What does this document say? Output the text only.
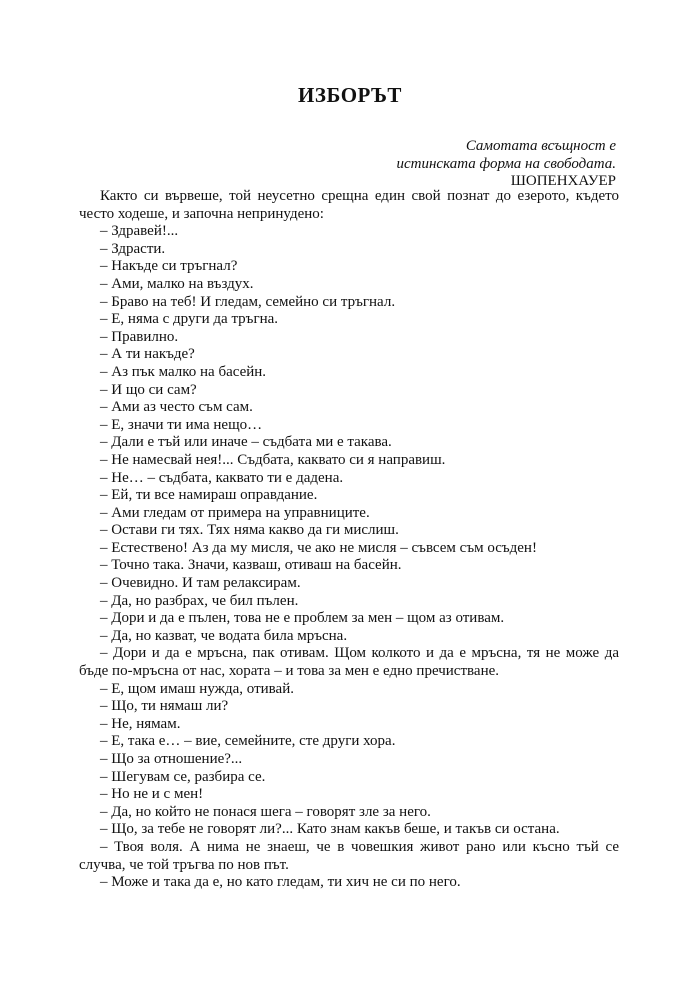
ИЗБОРЪТ
Самотата всъщност е
истинската форма на свободата.
ШОПЕНХАУЕР

Както си вървеше, той неусетно срещна един свой познат до езерото, където често ходеше, и започна непринудено:

– Здравей!...

– Здрасти.

– Накъде си тръгнал?

– Ами, малко на въздух.

– Браво на теб! И гледам, семейно си тръгнал.

– Е, няма с други да тръгна.

– Правилно.

– А ти накъде?

– Аз пък малко на басейн.

– И що си сам?

– Ами аз често съм сам.

– Е, значи ти има нещо…

– Дали е тъй или иначе – съдбата ми е такава.

– Не намесвай нея!... Съдбата, каквато си я направиш.

– Не… – съдбата, каквато ти е дадена.

– Ей, ти все намираш оправдание.

– Ами гледам от примера на управниците.

– Остави ги тях. Тях няма какво да ги мислиш.

– Естествено! Аз да му мисля, че ако не мисля – съвсем съм осъден!

– Точно така. Значи, казваш, отиваш на басейн.

– Очевидно. И там релаксирам.

– Да, но разбрах, че бил пълен.

– Дори и да е пълен, това не е проблем за мен – щом аз отивам.

– Да, но казват, че водата била мръсна.

– Дори и да е мръсна, пак отивам. Щом колкото и да е мръсна, тя не може да бъде по-мръсна от нас, хората – и това за мен е едно пречистване.

– Е, щом имаш нужда, отивай.

– Що, ти нямаш ли?

– Не, нямам.

– Е, така е… – вие, семейните, сте други хора.

– Що за отношение?...

– Шегувам се, разбира се.

– Но не и с мен!

– Да, но който не понася шега – говорят зле за него.

– Що, за тебе не говорят ли?... Като знам какъв беше, и такъв си остана.

– Твоя воля. А нима не знаеш, че в човешкия живот рано или късно тъй се случва, че той тръгва по нов път.

– Може и така да е, но като гледам, ти хич не си по него.
